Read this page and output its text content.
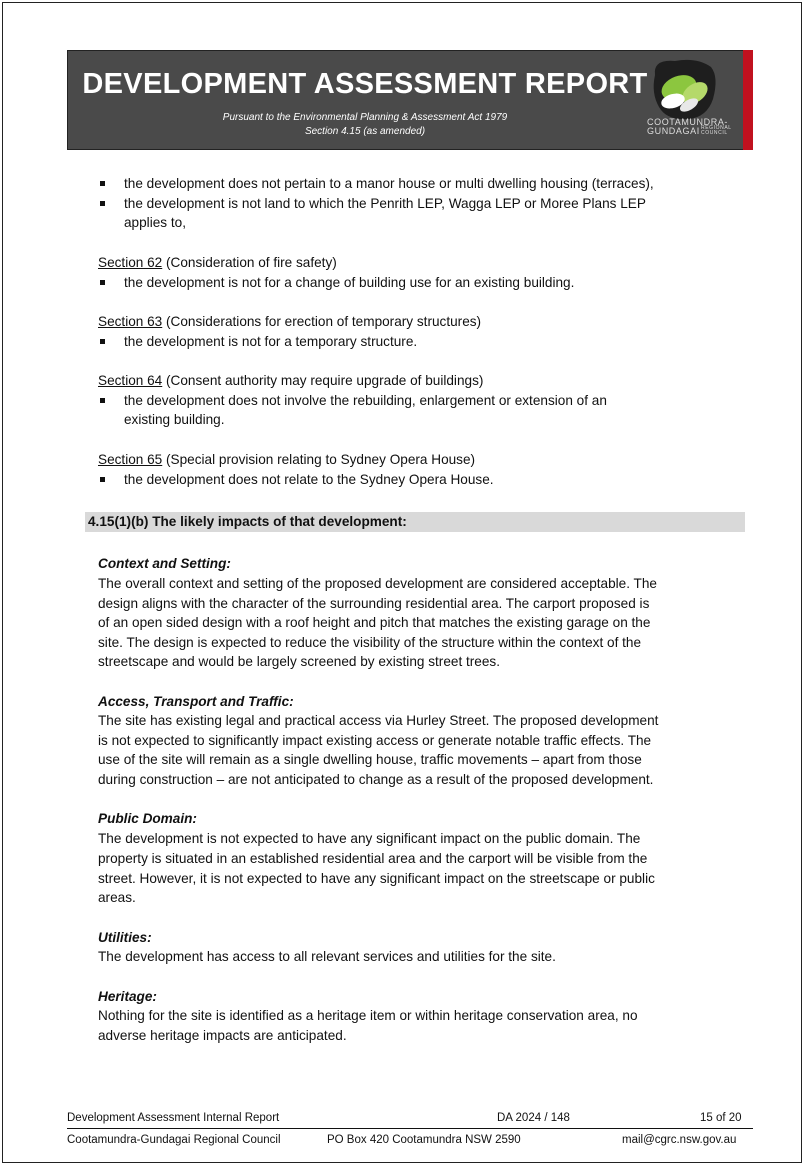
DEVELOPMENT ASSESSMENT REPORT
Pursuant to the Environmental Planning & Assessment Act 1979
Section 4.15 (as amended)
COOTAMUNDRA-
GUNDAGAI REGIONAL COUNCIL
the development does not pertain to a manor house or multi dwelling housing (terraces),
the development is not land to which the Penrith LEP, Wagga LEP or Moree Plans LEP
applies to,
Section 62 (Consideration of fire safety)
the development is not for a change of building use for an existing building.
Section 63 (Considerations for erection of temporary structures)
the development is not for a temporary structure.
Section 64 (Consent authority may require upgrade of buildings)
the development does not involve the rebuilding, enlargement or extension of an
existing building.
Section 65 (Special provision relating to Sydney Opera House)
the development does not relate to the Sydney Opera House.
4.15(1)(b) The likely impacts of that development:
Context and Setting:
The overall context and setting of the proposed development are considered acceptable. The
design aligns with the character of the surrounding residential area. The carport proposed is
of an open sided design with a roof height and pitch that matches the existing garage on the
site. The design is expected to reduce the visibility of the structure within the context of the
streetscape and would be largely screened by existing street trees.
Access, Transport and Traffic:
The site has existing legal and practical access via Hurley Street. The proposed development
is not expected to significantly impact existing access or generate notable traffic effects. The
use of the site will remain as a single dwelling house, traffic movements – apart from those
during construction – are not anticipated to change as a result of the proposed development.
Public Domain:
The development is not expected to have any significant impact on the public domain. The
property is situated in an established residential area and the carport will be visible from the
street. However, it is not expected to have any significant impact on the streetscape or public
areas.
Utilities:
The development has access to all relevant services and utilities for the site.
Heritage:
Nothing for the site is identified as a heritage item or within heritage conservation area, no
adverse heritage impacts are anticipated.
Development Assessment Internal Report	DA 2024 / 148	15 of 20
Cootamundra-Gundagai Regional Council	PO Box 420 Cootamundra NSW 2590	mail@cgrc.nsw.gov.au
